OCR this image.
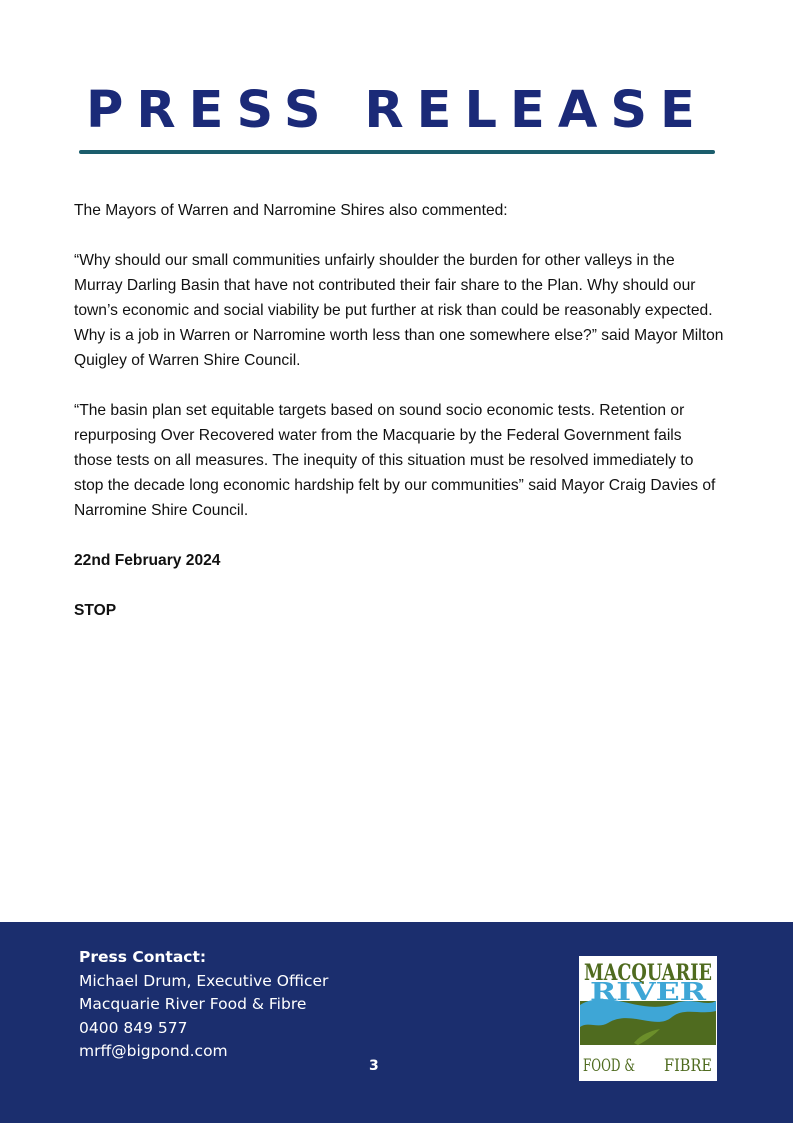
PRESS RELEASE

The Mayors of Warren and Narromine Shires also commented:

“Why should our small communities unfairly shoulder the burden for other valleys in the Murray Darling Basin that have not contributed their fair share to the Plan. Why should our town’s economic and social viability be put further at risk than could be reasonably expected. Why is a job in Warren or Narromine worth less than one somewhere else?” said Mayor Milton Quigley of Warren Shire Council.

“The basin plan set equitable targets based on sound socio economic tests. Retention or repurposing Over Recovered water from the Macquarie by the Federal Government fails those tests on all measures. The inequity of this situation must be resolved immediately to stop the decade long economic hardship felt by our communities” said Mayor Craig Davies of Narromine Shire Council.

22nd February 2024

STOP

Press Contact:
Michael Drum, Executive Officer
Macquarie River Food & Fibre
0400 849 577
mrff@bigpond.com
3
MACQUARIE
RIVER
FOOD & FIBRE
